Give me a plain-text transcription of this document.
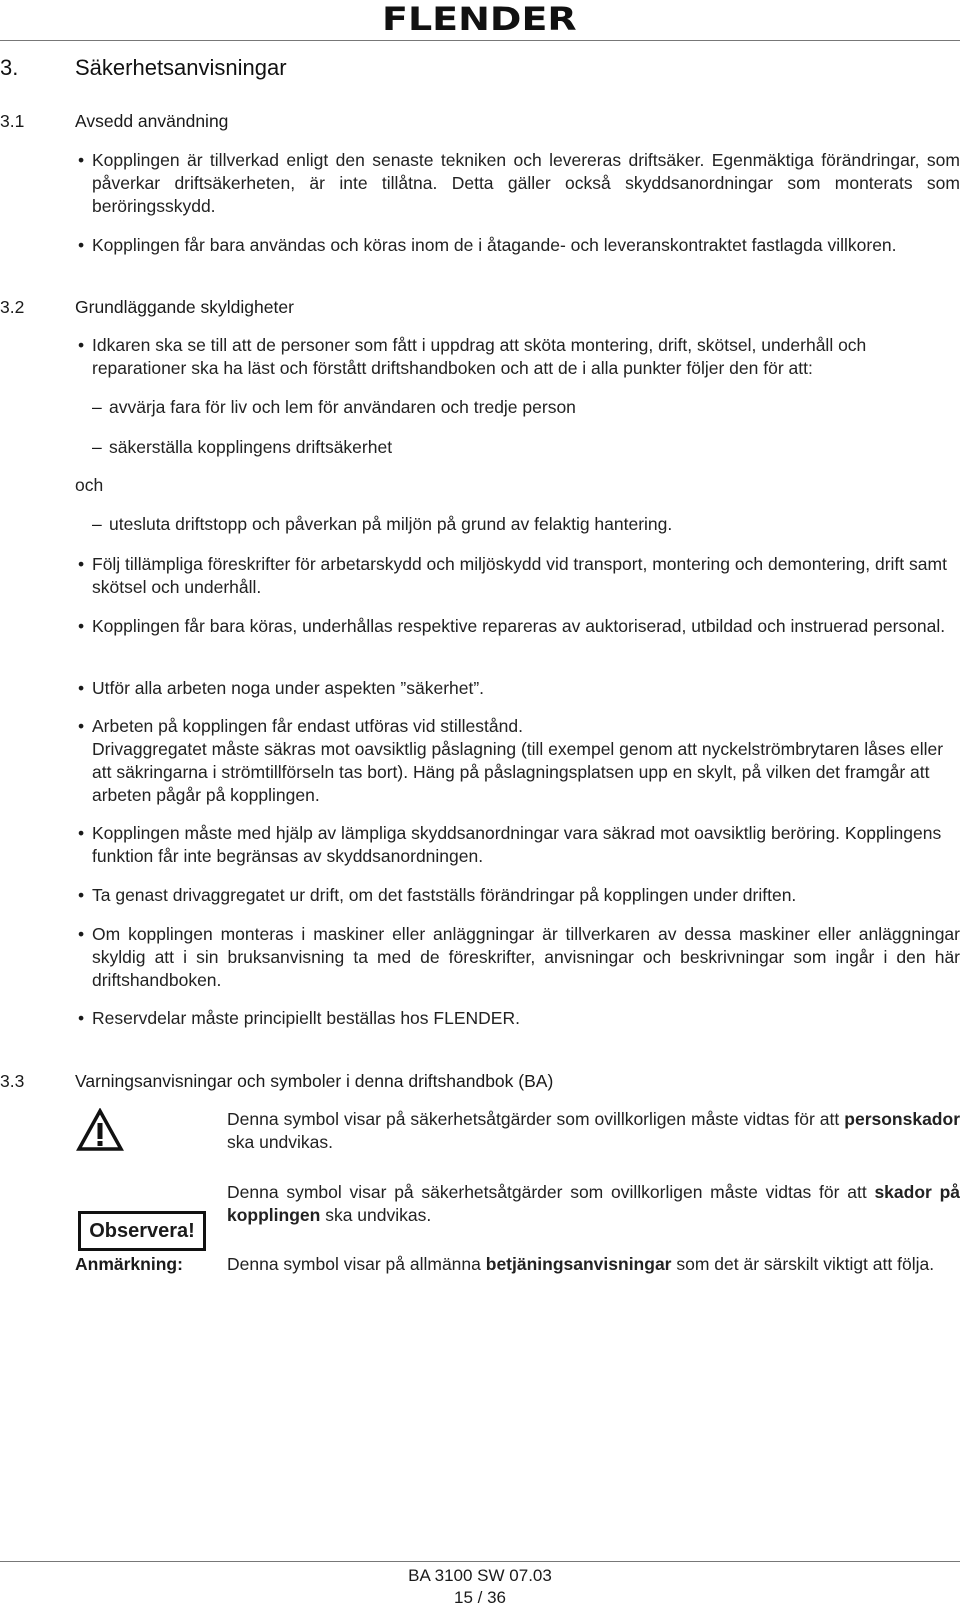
FLENDER
3.	Säkerhetsanvisningar
3.1	Avsedd användning
• Kopplingen är tillverkad enligt den senaste tekniken och levereras driftsäker. Egenmäktiga förändringar, som påverkar driftsäkerheten, är inte tillåtna. Detta gäller också skyddsanordningar som monterats som beröringsskydd.
• Kopplingen får bara användas och köras inom de i åtagande- och leveranskontraktet fastlagda villkoren.
3.2	Grundläggande skyldigheter
• Idkaren ska se till att de personer som fått i uppdrag att sköta montering, drift, skötsel, underhåll och reparationer ska ha läst och förstått driftshandboken och att de i alla punkter följer den för att:
– avvärja fara för liv och lem för användaren och tredje person
– säkerställa kopplingens driftsäkerhet
och
– utesluta driftstopp och påverkan på miljön på grund av felaktig hantering.
• Följ tillämpliga föreskrifter för arbetarskydd och miljöskydd vid transport, montering och demontering, drift samt skötsel och underhåll.
• Kopplingen får bara köras, underhållas respektive repareras av auktoriserad, utbildad och instruerad personal.
• Utför alla arbeten noga under aspekten ”säkerhet”.
• Arbeten på kopplingen får endast utföras vid stillestånd.
Drivaggregatet måste säkras mot oavsiktlig påslagning (till exempel genom att nyckelströmbrytaren låses eller att säkringarna i strömtillförseln tas bort). Häng på påslagningsplatsen upp en skylt, på vilken det framgår att arbeten pågår på kopplingen.
• Kopplingen måste med hjälp av lämpliga skyddsanordningar vara säkrad mot oavsiktlig beröring. Kopplingens funktion får inte begränsas av skyddsanordningen.
• Ta genast drivaggregatet ur drift, om det fastställs förändringar på kopplingen under driften.
• Om kopplingen monteras i maskiner eller anläggningar är tillverkaren av dessa maskiner eller anläggningar skyldig att i sin bruksanvisning ta med de föreskrifter, anvisningar och beskrivningar som ingår i den här driftshandboken.
• Reservdelar måste principiellt beställas hos FLENDER.
3.3	Varningsanvisningar och symboler i denna driftshandbok (BA)
Denna symbol visar på säkerhetsåtgärder som ovillkorligen måste vidtas för att personskador ska undvikas.
Observera!
Denna symbol visar på säkerhetsåtgärder som ovillkorligen måste vidtas för att skador på kopplingen ska undvikas.
Anmärkning:	Denna symbol visar på allmänna betjäningsanvisningar som det är särskilt viktigt att följa.
BA 3100 SW 07.03
15 / 36
